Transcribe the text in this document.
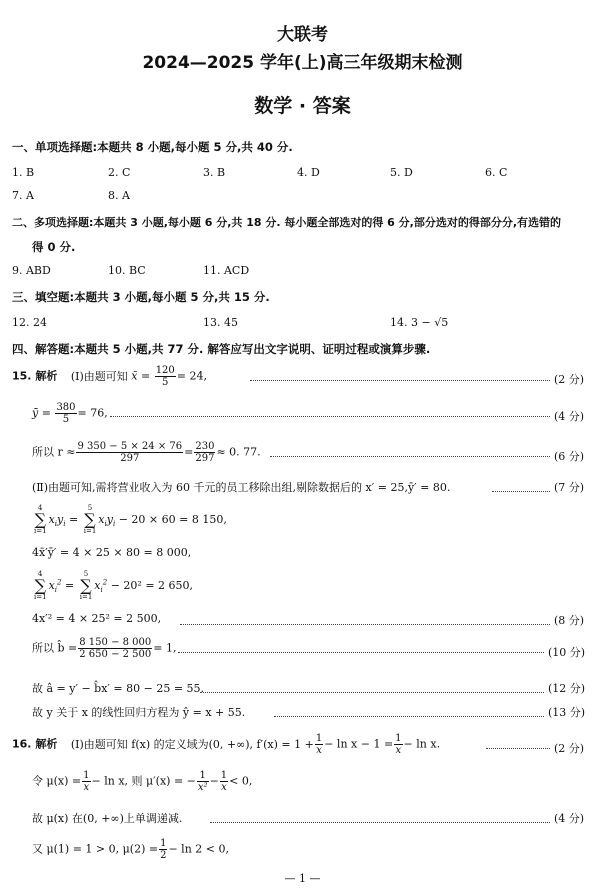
大联考
2024—2025 学年(上)高三年级期末检测
数学 · 答案
一、单项选择题:本题共 8 小题,每小题 5 分,共 40 分.
1. B	2. C	3. B	4. D	5. D	6. C
7. A	8. A
二、多项选择题:本题共 3 小题,每小题 6 分,共 18 分. 每小题全部选对的得 6 分,部分选对的得部分分,有选错的
得 0 分.
9. ABD	10. BC	11. ACD
三、填空题:本题共 3 小题,每小题 5 分,共 15 分.
12. 24	13. 45	14. 3 − √5
四、解答题:本题共 5 小题,共 77 分. 解答应写出文字说明、证明过程或演算步骤.
15. 解析 (Ⅰ)由题可知 x̄ = $\frac{120}{5} = 24$,	(2 分)
ȳ = $\frac{380}{5} = 76$,	(4 分)
所以 $r \approx \frac{9 350 - 5 \times 24 \times 76}{297} = \frac{230}{297} \approx 0$. 77.	(6 分)
(Ⅱ)由题可知,需将营业收入为 60 千元的员工移除出组,剔除数据后的 x′ = 25,ȳ′ = 80.	(7 分)
4
∑
$i=1x_iy_i = 5$
∑
$i=1x_iy_i - 20 \times 60 = 8$ 150,
4x̄′ȳ′ = 4 × 25 × 80 = 8 000,
4
∑
$i=1x_i^2 = 5$
∑
$i=1x_i^2 - 20^2 = 2$ 650,
4x′² = 4 × 25² = 2 500,	(8 分)
所以 b̂ = $\frac{8 150 - 8 000}{2 650 - 2 500} = 1$,	(10 分)
故 â = y′ − b̂x′ = 80 − 25 = 55.	(12 分)
故 y 关于 x 的线性回归方程为 ŷ = x + 55.	(13 分)
16. 解析 (Ⅰ)由题可知 f(x) 的定义域为(0, +∞), $f'(x) = 1 + \frac{1}{x} - \ln x - 1 = \frac{1}{x} - \ln x$.	(2 分)
令 $\mu(x) = \frac{1}{x} - \ln x$, 则 μ′(x) = − $\frac{1}{\text{x²}} - \frac{1}{x} < 0$,
故 μ(x) 在(0, +∞)上单调递减.	(4 分)
又 μ(1) = 1 > 0, $\mu(2) = \frac{1}{2} - \ln 2 < 0$,
— 1 —
